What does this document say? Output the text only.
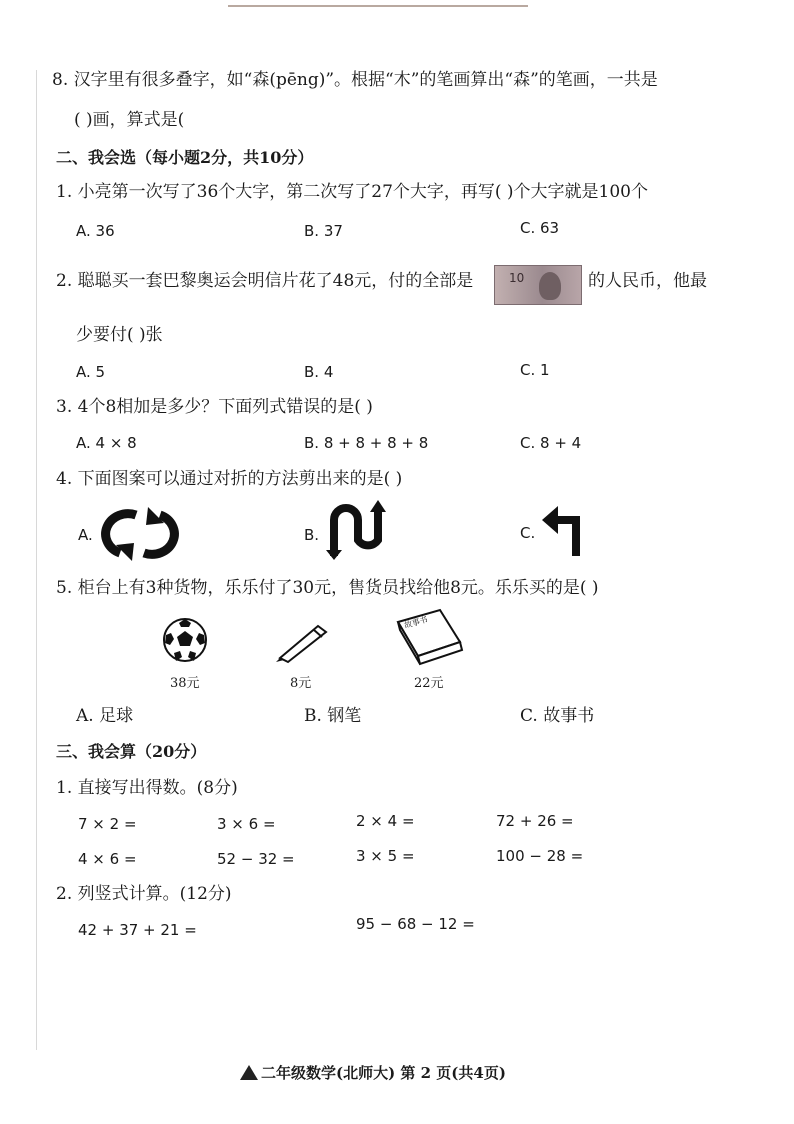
8. 汉字里有很多叠字，如“森(pēng)”。根据“木”的笔画算出“森”的笔画，一共是
( )画，算式是(
二、我会选（每小题2分，共10分）
1. 小亮第一次写了36个大字，第二次写了27个大字，再写( )个大字就是100个
A. 36	B. 37	C. 63
2. 聪聪买一套巴黎奥运会明信片花了48元，付的全部是	10	的人民币，他最
少要付( )张
A. 5	B. 4	C. 1
3. 4个8相加是多少？下面列式错误的是( )
A. 4 × 8	B. 8 + 8 + 8 + 8	C. 8 + 4
4. 下面图案可以通过对折的方法剪出来的是( )
A.	B.	C.
5. 柜台上有3种货物，乐乐付了30元，售货员找给他8元。乐乐买的是( )
38元	8元
故事书
22元
A. 足球	B. 钢笔	C. 故事书
三、我会算（20分）
1. 直接写出得数。(8分)
7 × 2 =	3 × 6 =	2 × 4 =	72 + 26 =
4 × 6 =	52 − 32 =	3 × 5 =	100 − 28 =
2. 列竖式计算。(12分)
42 + 37 + 21 =	95 − 68 − 12 =
二年级数学(北师大) 第 2 页(共4页)
